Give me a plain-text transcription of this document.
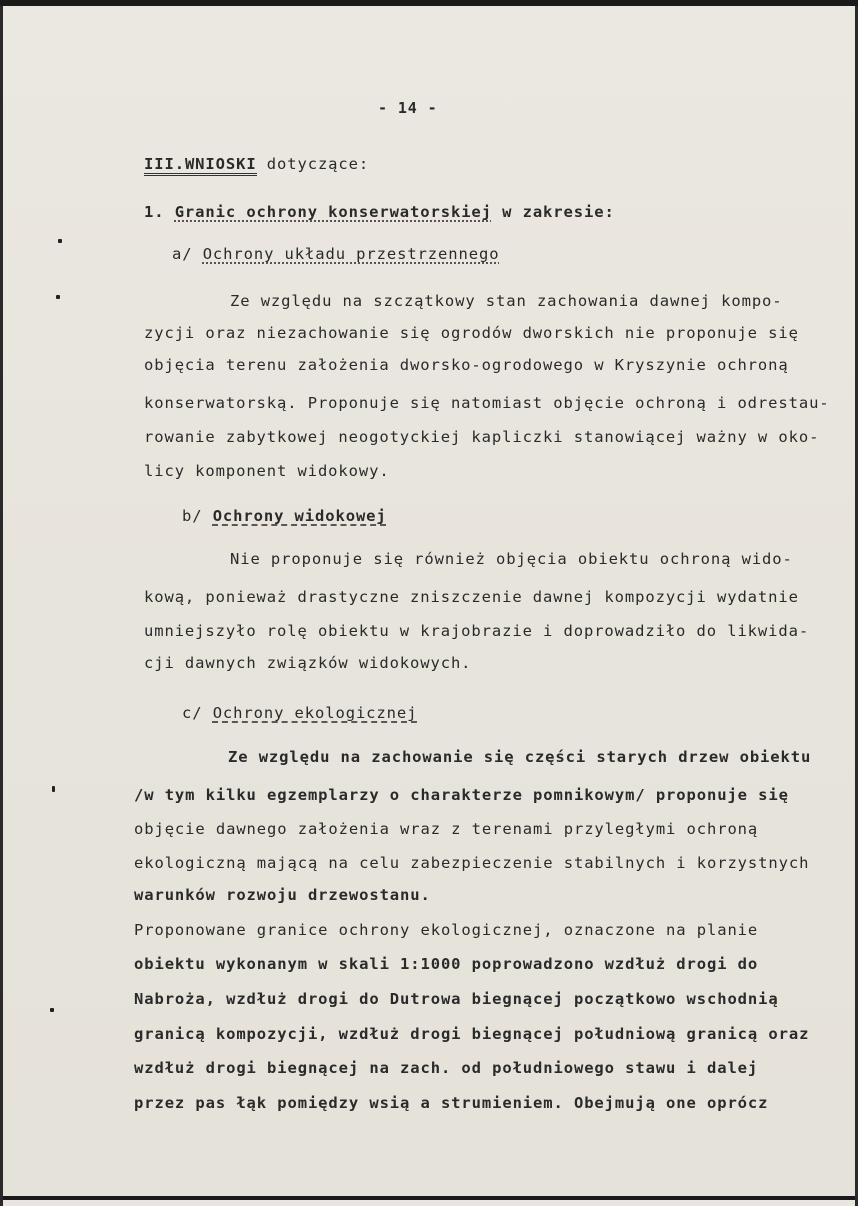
- 14 -
III.WNIOSKI dotyczące:
1. Granic ochrony konserwatorskiej w zakresie:
a/ Ochrony układu przestrzennego
Ze względu na szczątkowy stan zachowania dawnej kompo-
zycji oraz niezachowanie się ogrodów dworskich nie proponuje się
objęcia terenu założenia dworsko-ogrodowego w Kryszynie ochroną
konserwatorską. Proponuje się natomiast objęcie ochroną i odrestau-
rowanie zabytkowej neogotyckiej kapliczki stanowiącej ważny w oko-
licy komponent widokowy.
b/ Ochrony widokowej
Nie proponuje się również objęcia obiektu ochroną wido-
kową, ponieważ drastyczne zniszczenie dawnej kompozycji wydatnie
umniejszyło rolę obiektu w krajobrazie i doprowadziło do likwida-
cji dawnych związków widokowych.
c/ Ochrony ekologicznej
Ze względu na zachowanie się części starych drzew obiektu
/w tym kilku egzemplarzy o charakterze pomnikowym/ proponuje się
objęcie dawnego założenia wraz z terenami przyległymi ochroną
ekologiczną mającą na celu zabezpieczenie stabilnych i korzystnych
warunków rozwoju drzewostanu.
Proponowane granice ochrony ekologicznej, oznaczone na planie
obiektu wykonanym w skali 1:1000 poprowadzono wzdłuż drogi do
Nabroża, wzdłuż drogi do Dutrowa biegnącej początkowo wschodnią
granicą kompozycji, wzdłuż drogi biegnącej południową granicą oraz
wzdłuż drogi biegnącej na zach. od południowego stawu i dalej
przez pas łąk pomiędzy wsią a strumieniem. Obejmują one oprócz
